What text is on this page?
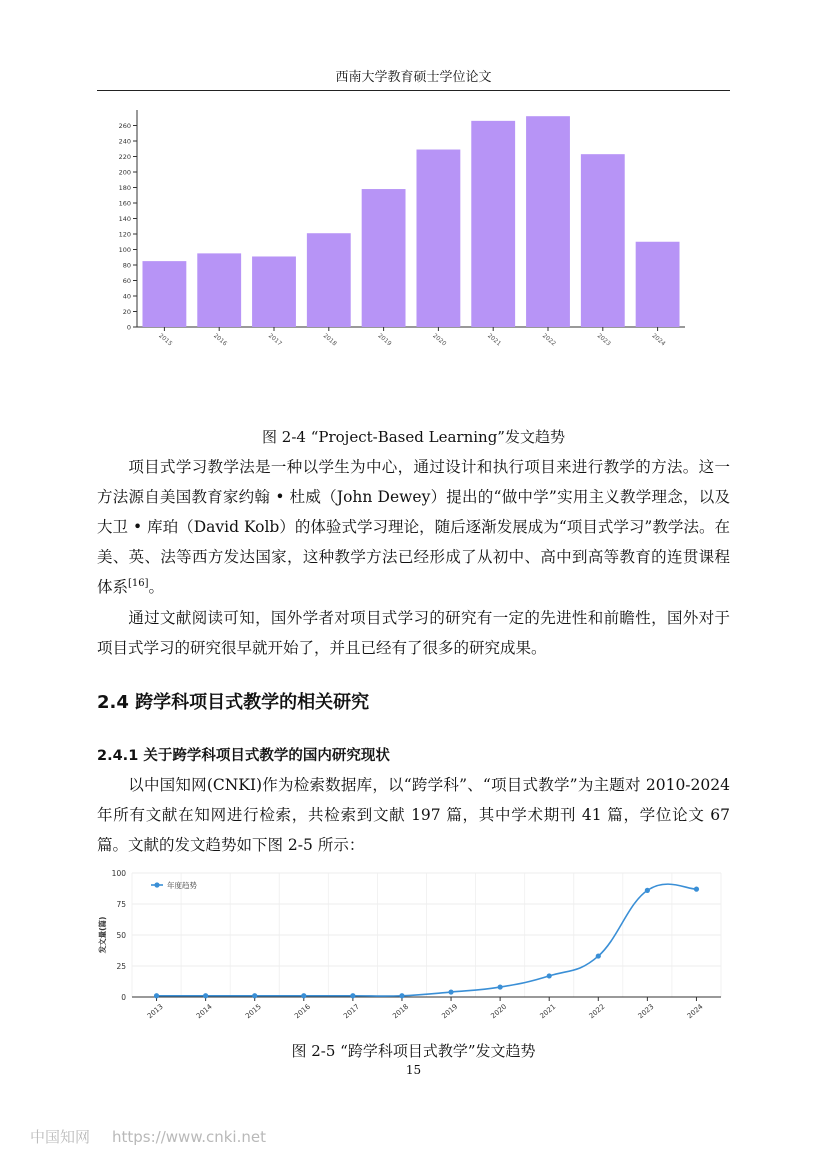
西南大学教育硕士学位论文
0
20
40
60
80
100
120
140
160
180
200
220
240
260
2015	2016	2017	2018	2019	2020	2021	2022	2023	2024
图 2-4 “Project-Based Learning”发文趋势

项目式学习教学法是一种以学生为中心，通过设计和执行项目来进行教学的方法。这一方法源自美国教育家约翰 • 杜威（John Dewey）提出的“做中学”实用主义教学理念，以及大卫 • 库珀（David Kolb）的体验式学习理论，随后逐渐发展成为“项目式学习”教学法。在美、英、法等西方发达国家，这种教学方法已经形成了从初中、高中到高等教育的连贯课程体系[16]。

通过文献阅读可知，国外学者对项目式学习的研究有一定的先进性和前瞻性，国外对于项目式学习的研究很早就开始了，并且已经有了很多的研究成果。

2.4 跨学科项目式教学的相关研究
2.4.1 关于跨学科项目式教学的国内研究现状

以中国知网(CNKI)作为检索数据库，以“跨学科”、“项目式教学”为主题对 2010-2024 年所有文献在知网进行检索，共检索到文献 197 篇，其中学术期刊 41 篇，学位论文 67 篇。文献的发文趋势如下图 2-5 所示：

0
25
50
75
100
发文量(篇)
2013	2014	2015	2016	2017	2018	2019	2020	2021	2022	2023	2024
年度趋势
图 2-5 “跨学科项目式教学”发文趋势
15
中国知网 https://www.cnki.net
